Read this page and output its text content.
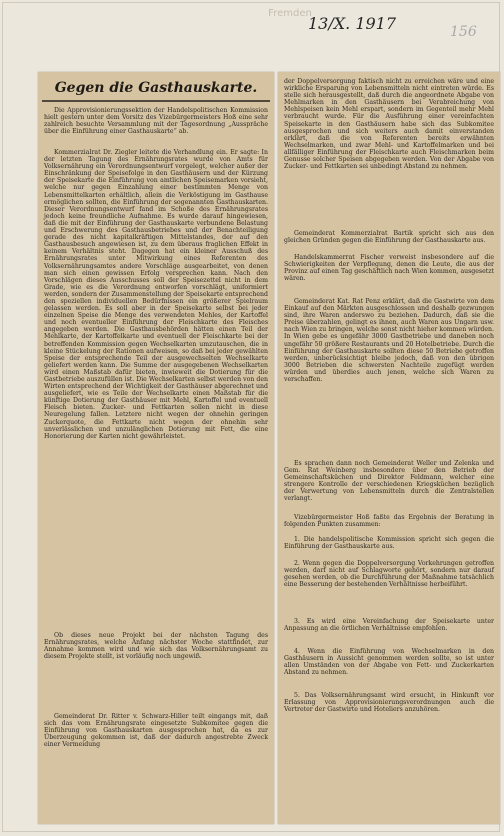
Fremden
13/X. 1917	156
Gegen die Gasthauskarte.
Die Approvisionierungssektion der Handelspolitischen Kommission hielt gestern unter dem Vorsitz des Vizebürgermeisters Hoß eine sehr zahlreich besuchte Versammlung mit der Tagesordnung „Ausspräche über die Einführung einer Gasthauskarte“ ab.
Kommerzialrat Dr. Ziegler leitete die Verhandlung ein. Er sagte: In der letzten Tagung des Ernährungsrates wurde von Amts für Volksernährung ein Verordnungsentwurf vorgelegt, welcher außer der Einschränkung der Speisefolge in den Gasthäusern und der Kürzung der Speisekarte die Einführung von amtlichen Speisemarken vorsieht, welche nur gegen Einzahlung einer bestimmten Menge von Lebensmittelkarten erhältlich, allein die Verköstigung im Gasthause ermöglichen sollten, die Einführung der sogenannten Gasthauskarten. Dieser Verordnungsentwurf fand im Schoße des Ernährungsrates jedoch keine freundliche Aufnahme. Es wurde darauf hingewiesen, daß die mit der Einführung der Gasthauskarte verbundene Belastung und Erschwerung des Gasthausbetriebes und der Benachteiligung gerade des nicht kapitalkräftigen Mittelstandes, der auf den Gasthausbesuch angewiesen ist, zu dem überaus fraglichen Effekt in keinem Verhältnis steht. Dagegen hat ein kleiner Ausschuß des Ernährungsrates unter Mitwirkung eines Referenten des Volksernährungsamtes andere Vorschläge ausgearbeitet, von denen man sich einen gewissen Erfolg versprechen kann. Nach den Vorschlägen dieses Ausschusses soll der Speisezettel nicht in dem Grade, wie es die Verordnung entworfen vorschlägt, uniformiert werden, sondern der Zusammenstellung der Speisekarte entsprechend den speziellen individuellen Bedürfnissen ein größerer Spielraum gelassen werden. Es soll aber in der Speisekarte selbst bei jeder einzelnen Speise die Menge des verwendeten Mehles, der Kartoffel und noch eventueller Einführung der Fleischkarte des Fleisches angegeben werden. Die Gasthausbehörden hätten einen Teil der Mehlkarte, der Kartoffelkarte und eventuell der Fleischkarte bei der betreffenden Kommission gegen Wechselkarten umzutauschen, die in kleine Stückelung der Rationen aufweisen, so daß bei jeder gewählten Speise der entsprechende Teil der ausgewechselten Wechselkarte geliefert werden kann. Die Summe der ausgegebenen Wechselkarten wird einen Maßstab dafür bieten, inwieweit die Dotierung für die Gastbetriebe auszufüllen ist. Die Wechselkarten selbst werden von den Wirten entsprechend der Wichtigkeit der Gasthäuser abgerechnet und ausgeliefert, wie es Teile der Wechselkarte einen Maßstab für die künftige Dotierung der Gasthäuser mit Mehl, Kartoffel und eventuell Fleisch bieten. Zucker- und Fettkarten sollen nicht in diese Neuregelung fallen. Letztere nicht wegen der ohnehin geringen Zuckerquote, die Fettkarte nicht wegen der ohnehin sehr unverlässlichen und unzulänglichen Dotierung mit Fett, die eine Honorierung der Karten nicht gewährleistet.
Ob dieses neue Projekt bei der nächsten Tagung des Ernährungsrates, welche Anfang nächster Woche stattfindet, zur Annahme kommen wird und wie sich das Volksernährungsamt zu diesem Projekte stellt, ist vorläufig noch ungewiß.
Gemeinderat Dr. Ritter v. Schwarz-Hiller teilt eingangs mit, daß sich das vom Ernährungsrate eingesetzte Subkomitee gegen die Einführung von Gasthauskarten ausgesprochen hat, da es zur Überzeugung gekommen ist, daß der dadurch angestrebte Zweck einer Vermeidung
der Doppelversorgung faktisch nicht zu erreichen wäre und eine wirkliche Ersparung von Lebensmitteln nicht eintreten würde. Es stelle sich herausgestellt, daß durch die angeordnete Abgabe von Mehlmarken in den Gasthäusern bei Verabreichung von Mehlspeisen kein Mehl erspart, sondern im Gegenteil mehr Mehl verbraucht wurde. Für die Ausführung einer vereinfachten Speisekarte in den Gasthäusern habe sich das Subkomitee ausgesprochen und sich weiters auch damit einverstanden erklärt, daß die von Referenten bereits erwähnten Wechselmarken, und zwar Mehl- und Kartoffelmarken und bei allfälliger Einführung der Fleischkarte auch Fleischmarken beim Genusse solcher Speisen abgegeben werden. Von der Abgabe von Zucker- und Fettkarten sei unbedingt Abstand zu nehmen.
Gemeinderat Kommerzialrat Bartik spricht sich aus den gleichen Gründen gegen die Einführung der Gasthauskarte aus.
Handelskammerrat Fischer verweist insbesondere auf die Schwierigkeiten der Verpflegung, denen die Leute, die aus der Provinz auf einen Tag geschäftlich nach Wien kommen, ausgesetzt wären.
Gemeinderat Kat. Rat Penz erklärt, daß die Gastwirte von dem Einkauf auf den Märkten ausgeschlossen und deshalb gezwungen sind, ihre Waren anderswo zu beziehen. Dadurch, daß sie die Preise überzahlen, gelingt es ihnen, auch Waren aus Ungarn usw. nach Wien zu bringen, welche sonst nicht hieher kommen würden. In Wien gebe es ungefähr 3000 Gastbetriebe und daneben noch ungefähr 50 größere Restaurants und 20 Hotelbetriebe. Durch die Einführung der Gasthauskarte sollten diese 50 Betriebe getroffen werden, unberücksichtigt bleibe jedoch, daß von den übrigen 3000 Betrieben die schwersten Nachteile zugefügt werden würden und überdies auch jenen, welche sich Waren zu verschaffen.
Es sprachen dann noch Gemeinderat Weller und Zelenka und Gem. Rat Weinberg insbesondere über den Betrieb der Gemeinschaftsküchen und Direktor Feldmann, welcher eine strengere Kontrolle der verschiedenen Kriegsküchen bezüglich der Verwertung von Lebensmitteln durch die Zentralstellen verlangt.
Vizebürgermeister Hoß faßte das Ergebnis der Beratung in folgenden Punkten zusammen:
1. Die handelspolitische Kommission spricht sich gegen die Einführung der Gasthauskarte aus.
2. Wenn gegen die Doppelversorgung Vorkehrungen getroffen werden, darf nicht auf Schlagworte gehört, sondern nur darauf gesehen werden, ob die Durchführung der Maßnahme tatsächlich eine Besserung der bestehenden Verhältnisse herbeiführt.
3. Es wird eine Vereinfachung der Speisekarte unter Anpassung an die örtlichen Verhältnisse empfohlen.
4. Wenn die Einführung von Wechselmarken in den Gasthäusern in Aussicht genommen werden sollte, so ist unter allen Umständen von der Abgabe von Fett- und Zuckerkarten Abstand zu nehmen.
5. Das Volksernährungsamt wird ersucht, in Hinkunft vor Erlassung von Approvisionierungsverordnungen auch die Vertreter der Gastwirte und Hoteliers anzuhören.
